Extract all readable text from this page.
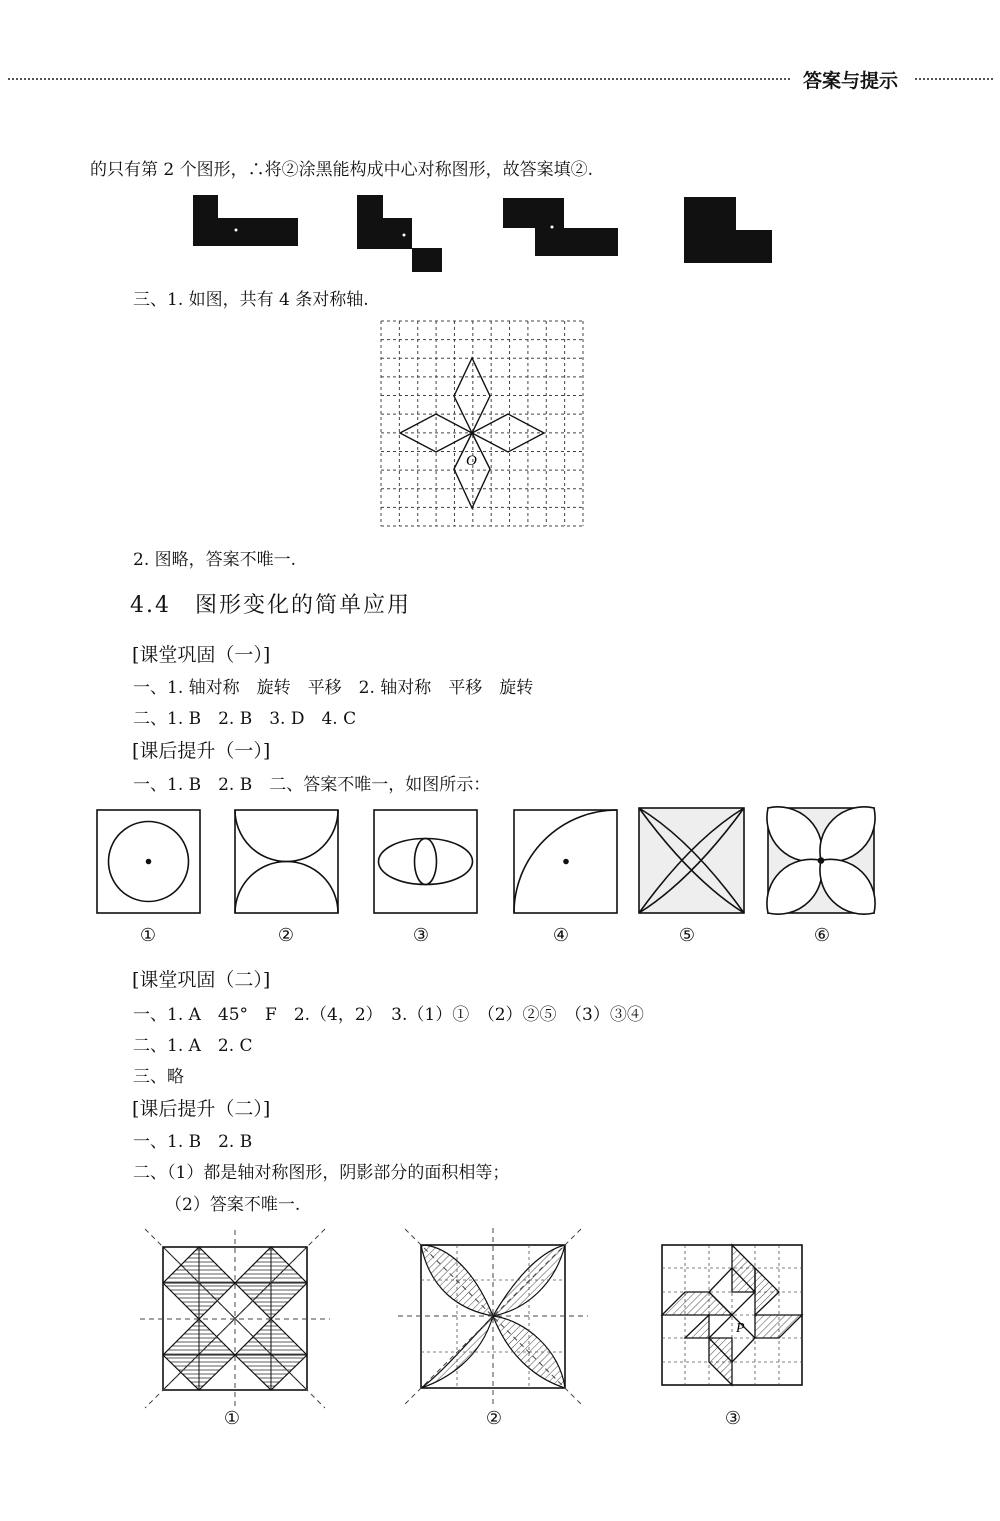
答案与提示
的只有第 2 个图形，∴将②涂黑能构成中心对称图形，故答案填②.
三、1. 如图，共有 4 条对称轴.
O
2. 图略，答案不唯一.
4.4　图形变化的简单应用
[课堂巩固（一）]
一、1. 轴对称　旋转　平移　2. 轴对称　平移　旋转
二、1. B　2. B　3. D　4. C
[课后提升（一）]
一、1. B　2. B　二、答案不唯一，如图所示：
①	②	③	④	⑤	⑥
[课堂巩固（二）]
一、1. A　45°　F　2.（4，2）　3.（1）①　（2）②⑤　（3）③④
二、1. A　2. C
三、略
[课后提升（二）]
一、1. B　2. B
二、（1）都是轴对称图形，阴影部分的面积相等；
（2）答案不唯一.
P
①	②	③
